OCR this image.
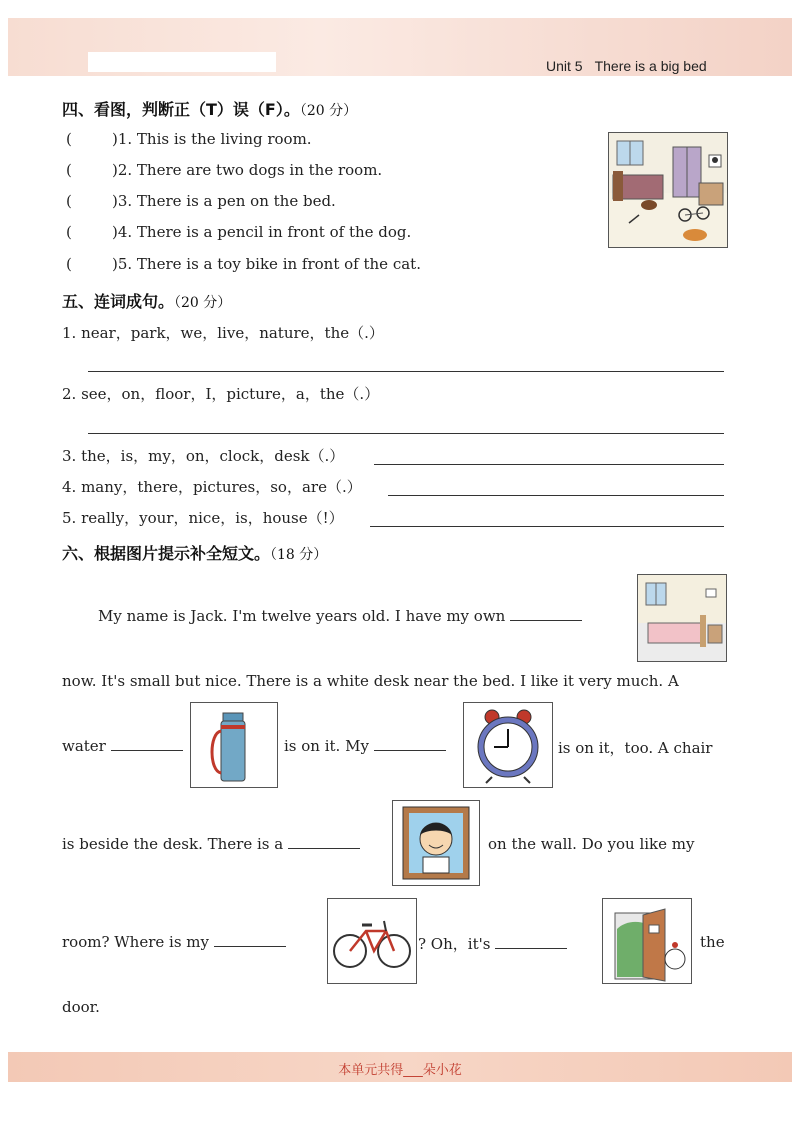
Unit 5 There is a big bed
四、看图，判断正（T）误（F）。（20 分）
(	)1. This is the living room.
(	)2. There are two dogs in the room.
(	)3. There is a pen on the bed.
(	)4. There is a pencil in front of the dog.
(	)5. There is a toy bike in front of the cat.
五、连词成句。（20 分）
1. near，park，we，live，nature，the（.）
2. see，on，floor，I，picture，a，the（.）
3. the，is，my，on，clock，desk（.）
4. many，there，pictures，so，are（.）
5. really，your，nice，is，house（!）
六、根据图片提示补全短文。（18 分）
My name is Jack. I'm twelve years old. I have my own
now. It's small but nice. There is a white desk near the bed. I like it very much. A
water	is on it. My	is on it，too. A chair
is beside the desk. There is a	on the wall. Do you like my
room? Where is my	? Oh，it's	the
door.
本单元共得___朵小花
